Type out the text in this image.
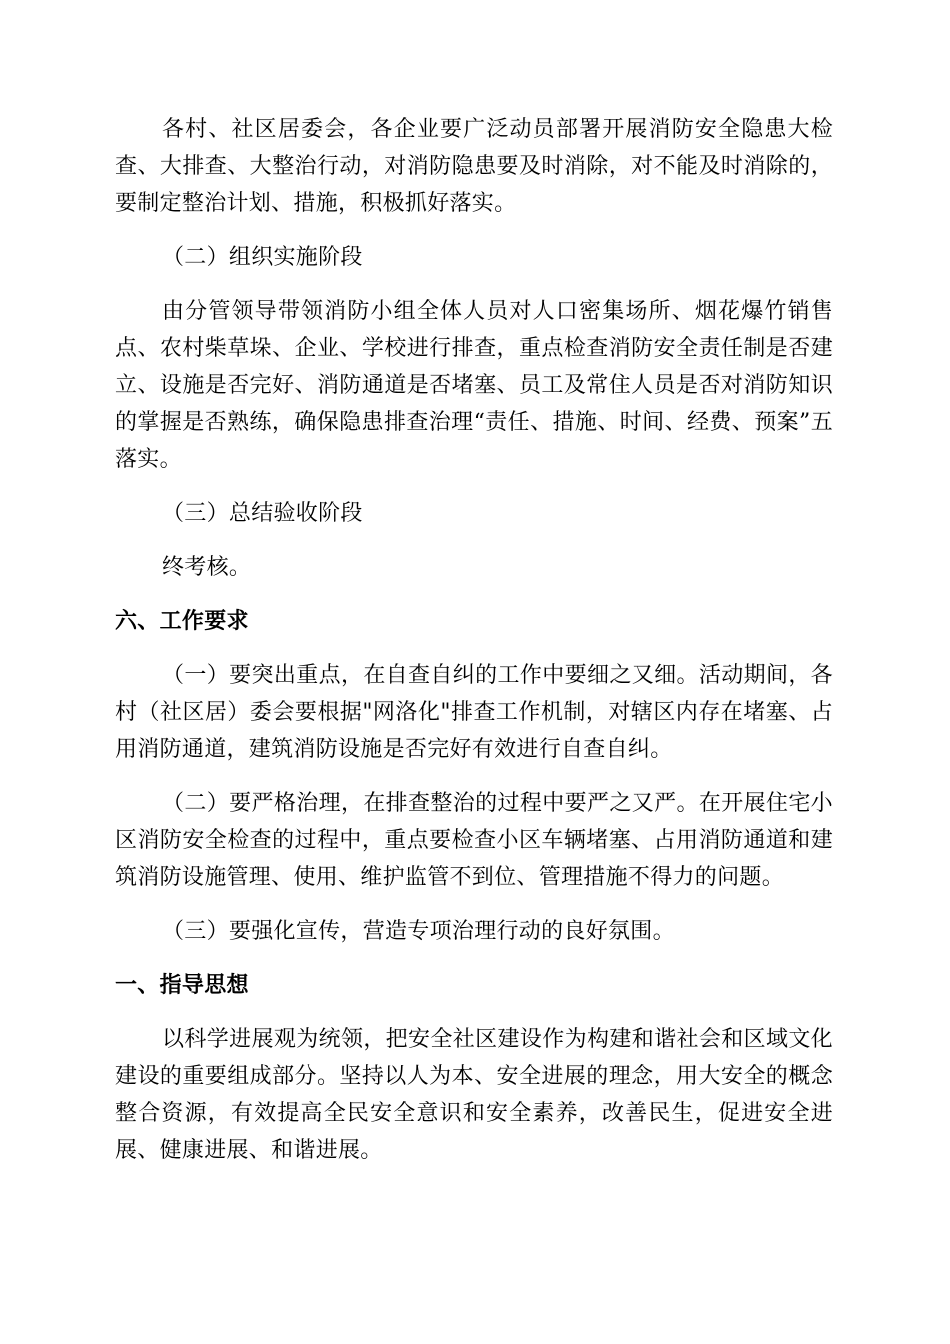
各村、社区居委会，各企业要广泛动员部署开展消防安全隐患大检查、大排查、大整治行动，对消防隐患要及时消除，对不能及时消除的，要制定整治计划、措施，积极抓好落实。

（二）组织实施阶段

由分管领导带领消防小组全体人员对人口密集场所、烟花爆竹销售点、农村柴草垛、企业、学校进行排查，重点检查消防安全责任制是否建立、设施是否完好、消防通道是否堵塞、员工及常住人员是否对消防知识的掌握是否熟练，确保隐患排查治理“责任、措施、时间、经费、预案”五落实。

（三）总结验收阶段

终考核。

六、工作要求

（一）要突出重点，在自查自纠的工作中要细之又细。活动期间，各村（社区居）委会要根据"网洛化"排查工作机制，对辖区内存在堵塞、占用消防通道，建筑消防设施是否完好有效进行自查自纠。

（二）要严格治理，在排查整治的过程中要严之又严。在开展住宅小区消防安全检查的过程中，重点要检查小区车辆堵塞、占用消防通道和建筑消防设施管理、使用、维护监管不到位、管理措施不得力的问题。

（三）要强化宣传，营造专项治理行动的良好氛围。

一、指导思想

以科学进展观为统领，把安全社区建设作为构建和谐社会和区域文化建设的重要组成部分。坚持以人为本、安全进展的理念，用大安全的概念整合资源，有效提高全民安全意识和安全素养，改善民生，促进安全进展、健康进展、和谐进展。
